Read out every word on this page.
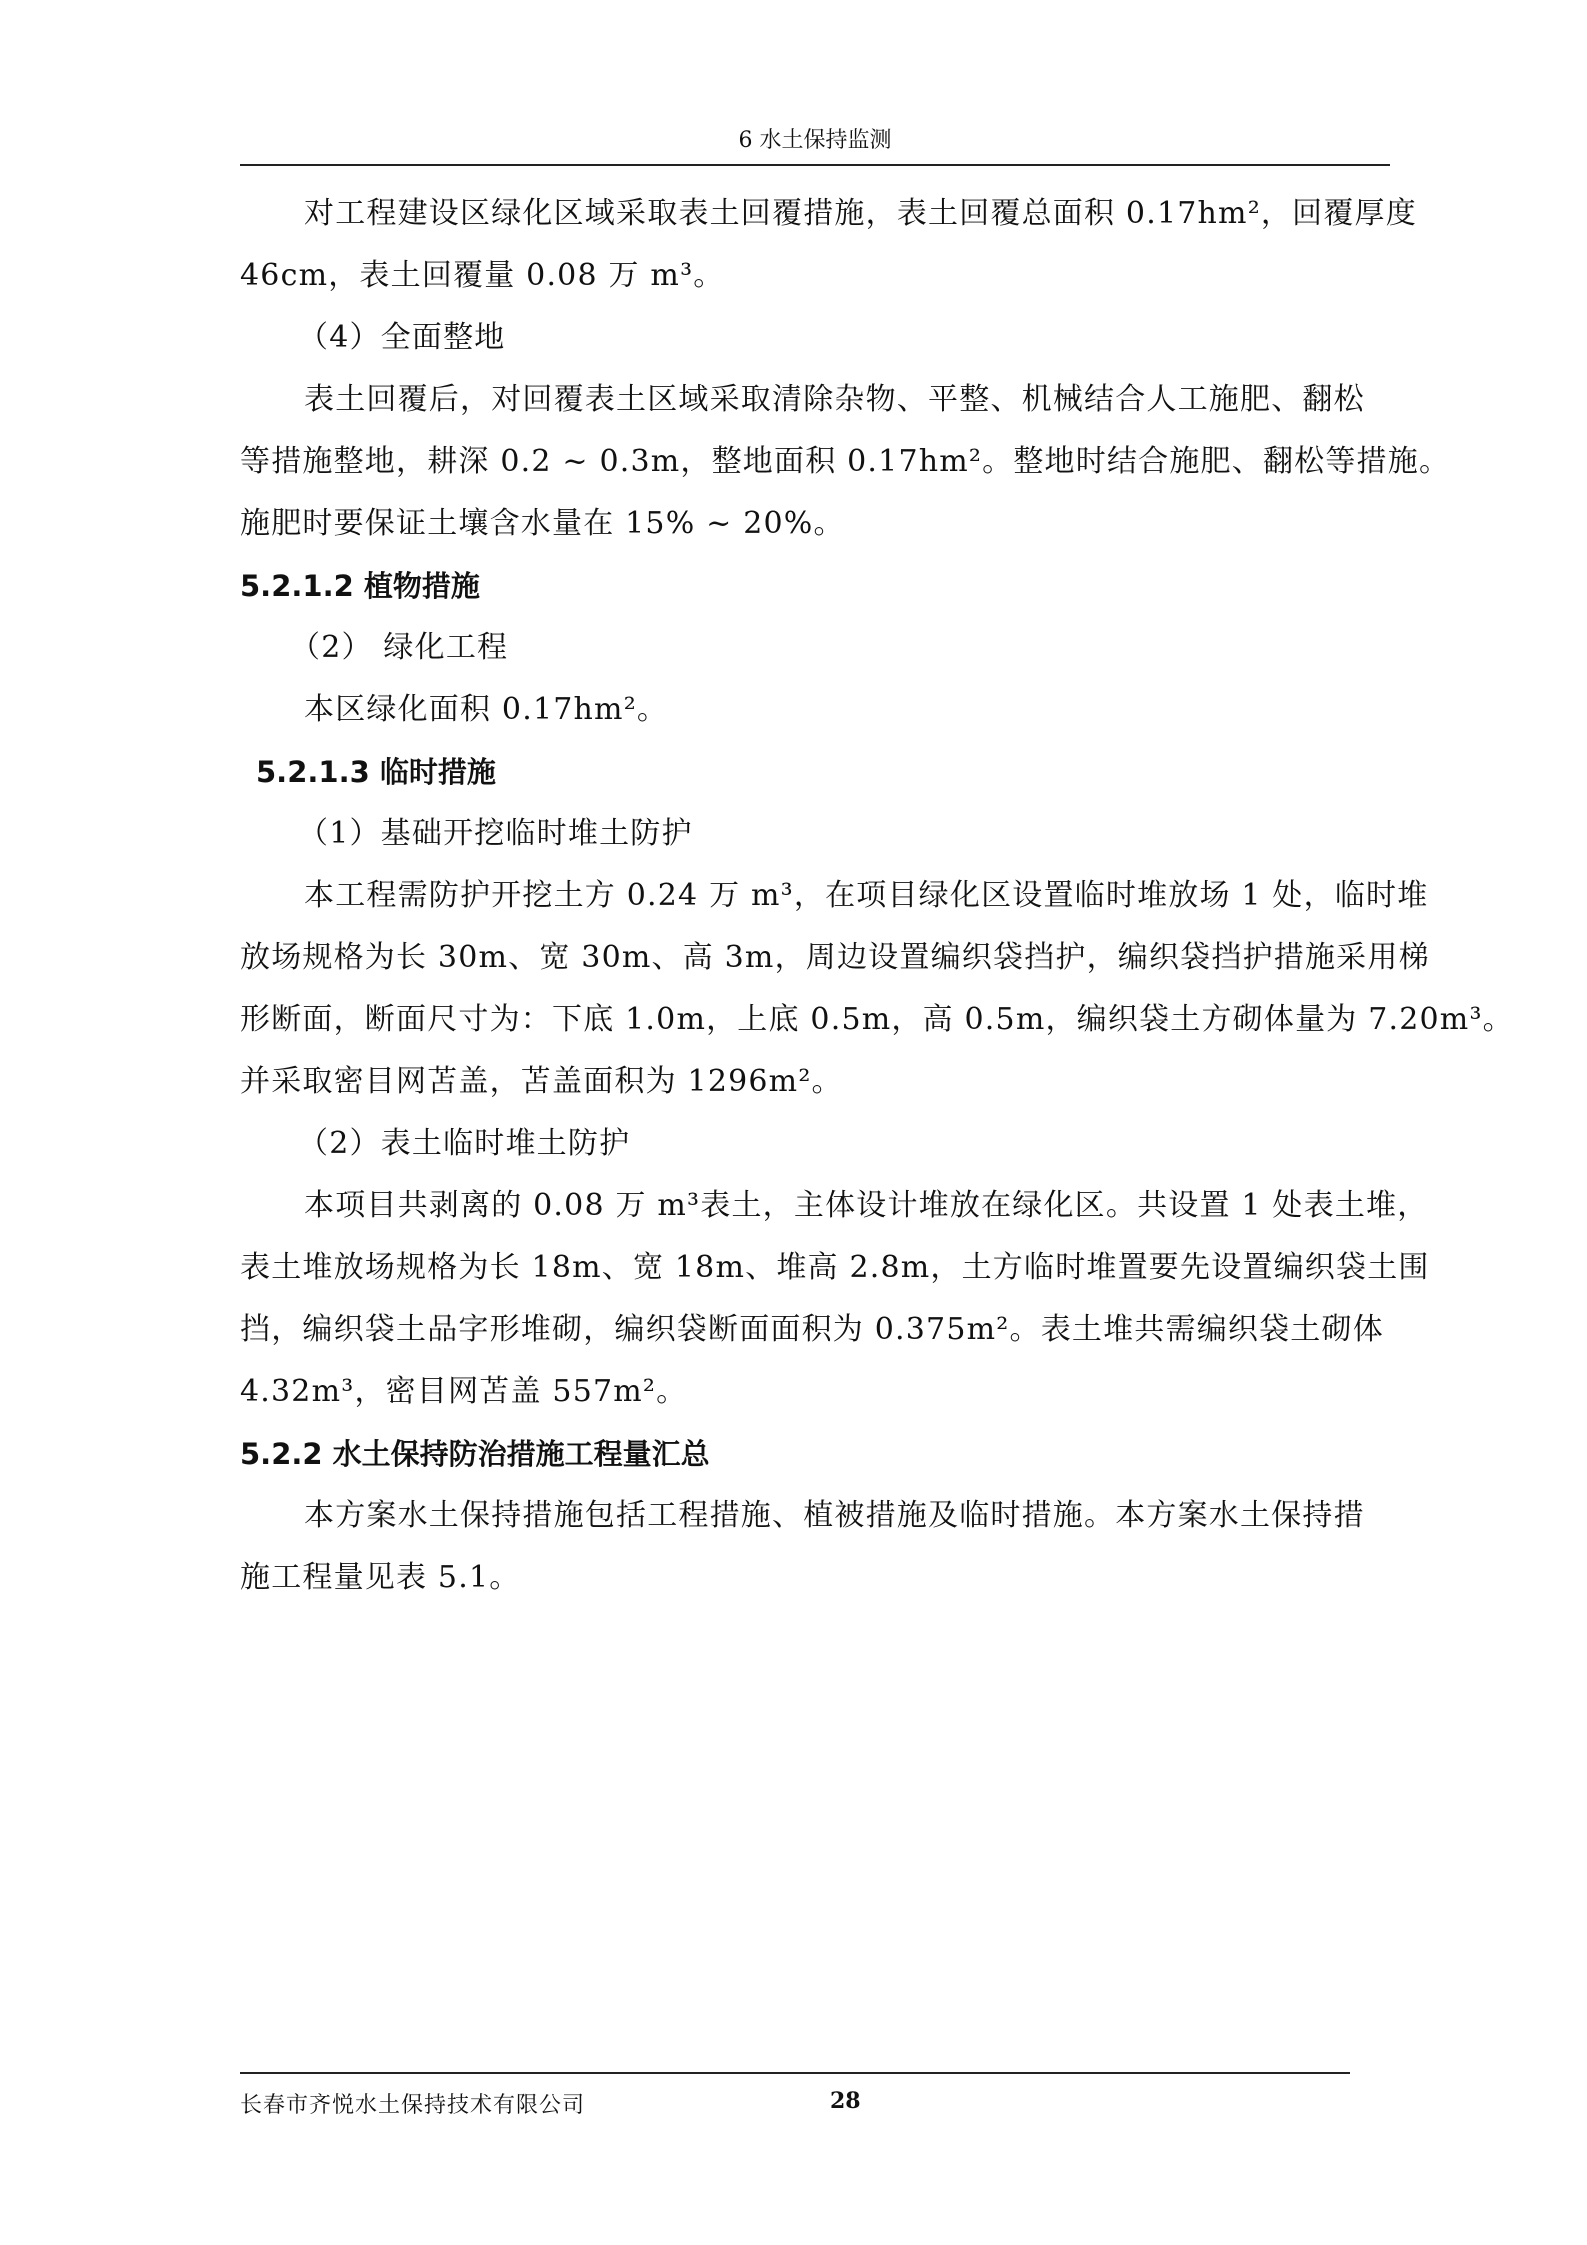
6 水土保持监测

对工程建设区绿化区域采取表土回覆措施，表土回覆总面积 0.17hm²，回覆厚度

46cm，表土回覆量 0.08 万 m³。

（4）全面整地

表土回覆后，对回覆表土区域采取清除杂物、平整、机械结合人工施肥、翻松

等措施整地，耕深 0.2 ~ 0.3m，整地面积 0.17hm²。整地时结合施肥、翻松等措施。

施肥时要保证土壤含水量在 15% ~ 20%。

5.2.1.2 植物措施

（2） 绿化工程

本区绿化面积 0.17hm²。

5.2.1.3 临时措施

（1）基础开挖临时堆土防护

本工程需防护开挖土方 0.24 万 m³，在项目绿化区设置临时堆放场 1 处，临时堆

放场规格为长 30m、宽 30m、高 3m，周边设置编织袋挡护，编织袋挡护措施采用梯

形断面，断面尺寸为：下底 1.0m，上底 0.5m，高 0.5m，编织袋土方砌体量为 7.20m³。

并采取密目网苫盖，苫盖面积为 1296m²。

（2）表土临时堆土防护

本项目共剥离的 0.08 万 m³表土，主体设计堆放在绿化区。共设置 1 处表土堆，

表土堆放场规格为长 18m、宽 18m、堆高 2.8m，土方临时堆置要先设置编织袋土围

挡，编织袋土品字形堆砌，编织袋断面面积为 0.375m²。表土堆共需编织袋土砌体

4.32m³，密目网苫盖 557m²。

5.2.2 水土保持防治措施工程量汇总

本方案水土保持措施包括工程措施、植被措施及临时措施。本方案水土保持措

施工程量见表 5.1。

长春市齐悦水土保持技术有限公司	28
